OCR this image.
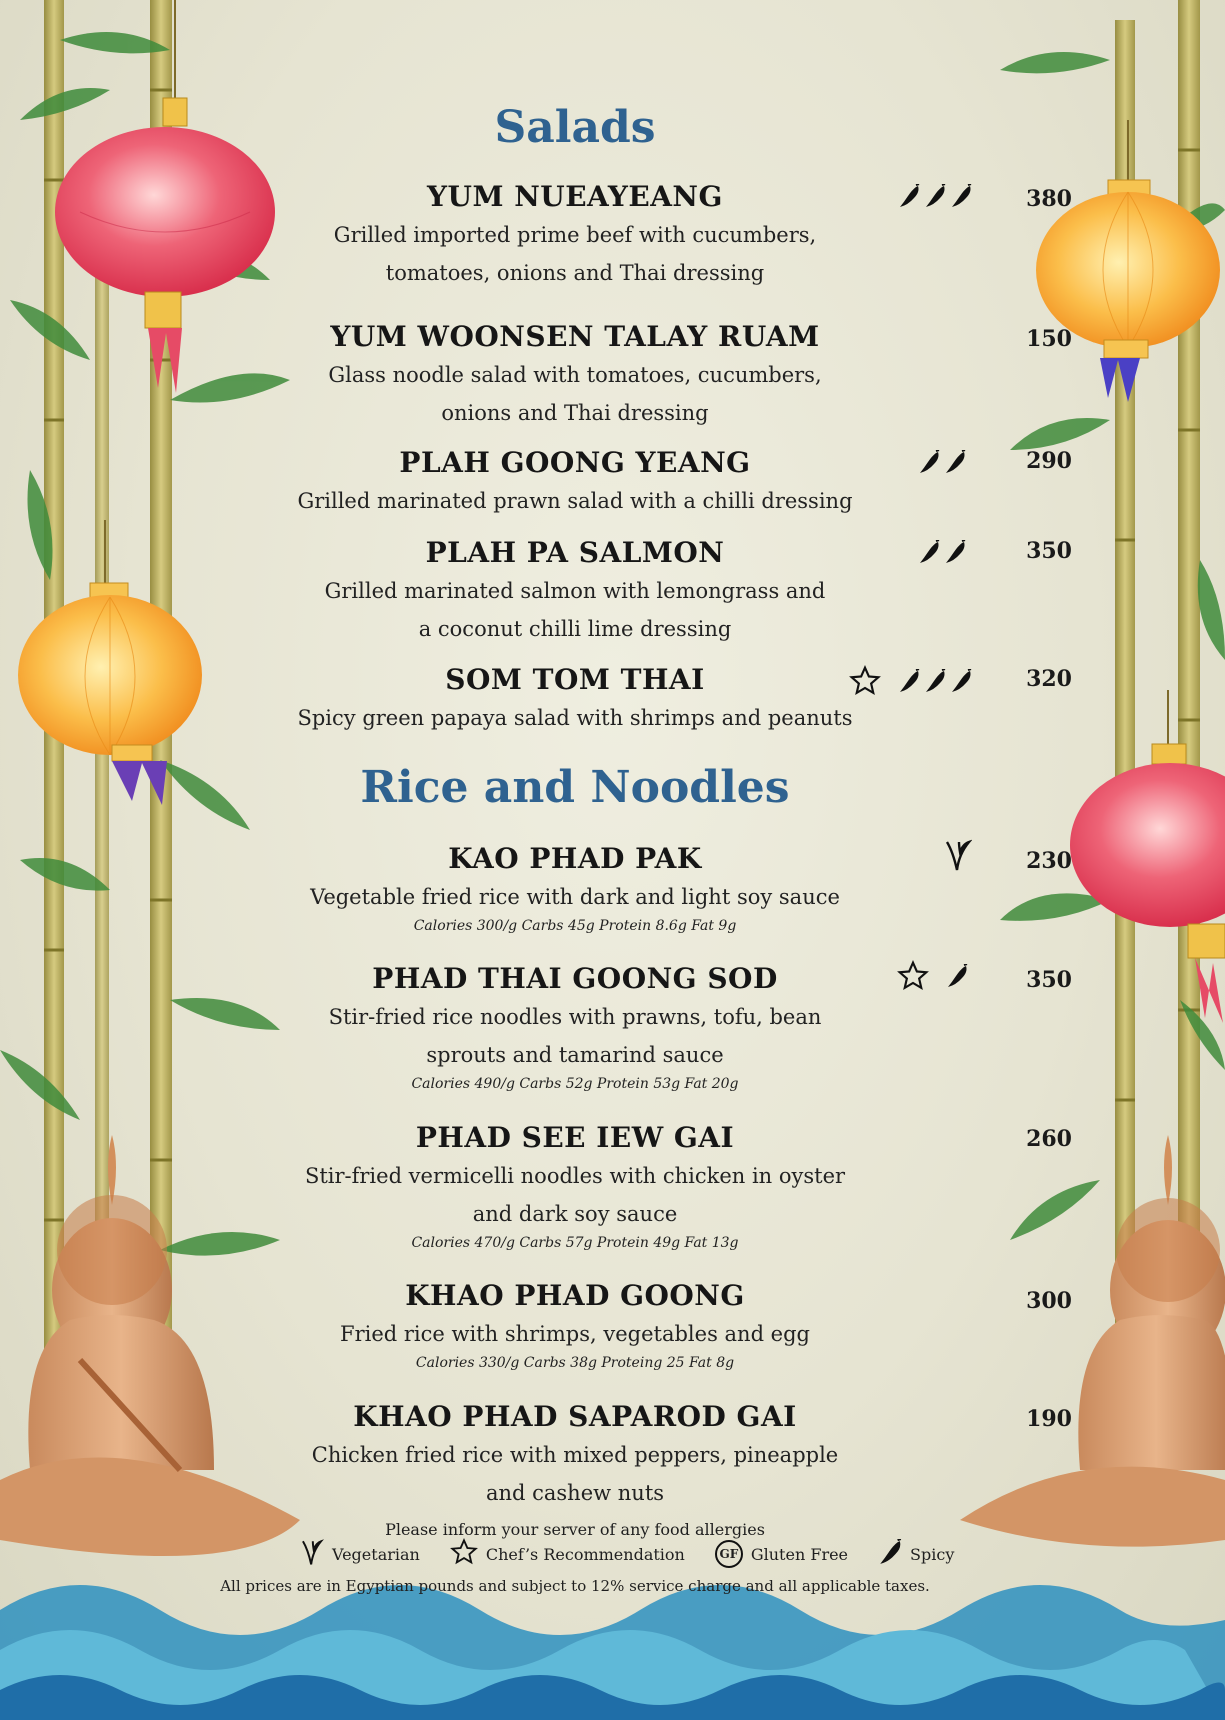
Salads
YUM NUEAYEANG
Grilled imported prime beef with cucumbers,
tomatoes, onions and Thai dressing
380
YUM WOONSEN TALAY RUAM
Glass noodle salad with tomatoes, cucumbers,
onions and Thai dressing
150
PLAH GOONG YEANG
Grilled marinated prawn salad with a chilli dressing
290
PLAH PA SALMON
Grilled marinated salmon with lemongrass and
a coconut chilli lime dressing
350
SOM TOM THAI
Spicy green papaya salad with shrimps and peanuts
320
Rice and Noodles
KAO PHAD PAK
Vegetable fried rice with dark and light soy sauce
Calories 300/g Carbs 45g Protein 8.6g Fat 9g
230
PHAD THAI GOONG SOD
Stir-fried rice noodles with prawns, tofu, bean
sprouts and tamarind sauce
Calories 490/g Carbs 52g Protein 53g Fat 20g
350
PHAD SEE IEW GAI
Stir-fried vermicelli noodles with chicken in oyster
and dark soy sauce
Calories 470/g Carbs 57g Protein 49g Fat 13g
260
KHAO PHAD GOONG
Fried rice with shrimps, vegetables and egg
Calories 330/g Carbs 38g Proteing 25 Fat 8g
300
KHAO PHAD SAPAROD GAI
Chicken fried rice with mixed peppers, pineapple
and cashew nuts
190
Please inform your server of any food allergies
Vegetarian	Chef’s Recommendation	GF Gluten Free	Spicy
All prices are in Egyptian pounds and subject to 12% service charge and all applicable taxes.
